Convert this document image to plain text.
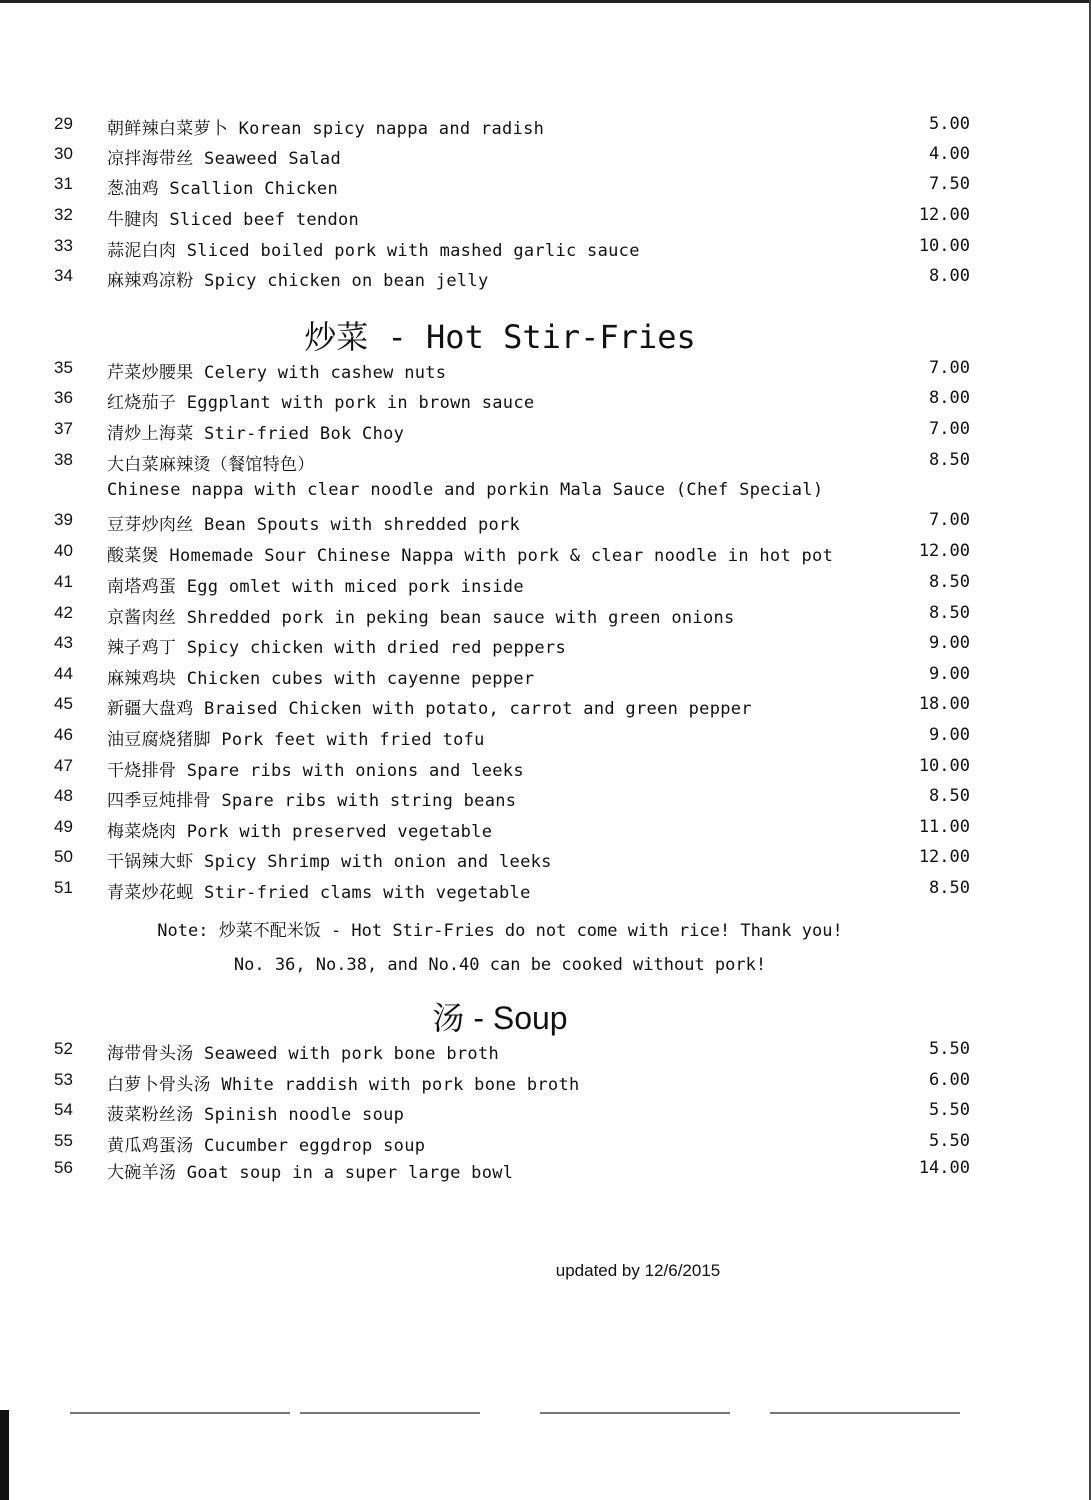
29 朝鲜辣白菜萝卜 Korean spicy nappa and radish	5.00
30 凉拌海带丝 Seaweed Salad	4.00
31 葱油鸡 Scallion Chicken	7.50
32 牛腱肉 Sliced beef tendon	12.00
33 蒜泥白肉 Sliced boiled pork with mashed garlic sauce	10.00
34 麻辣鸡凉粉 Spicy chicken on bean jelly	8.00
炒菜 - Hot Stir-Fries
35 芹菜炒腰果 Celery with cashew nuts	7.00
36 红烧茄子 Eggplant with pork in brown sauce	8.00
37 清炒上海菜 Stir-fried Bok Choy	7.00
38 大白菜麻辣烫（餐馆特色）	8.50
Chinese nappa with clear noodle and porkin Mala Sauce (Chef Special)
39 豆芽炒肉丝 Bean Spouts with shredded pork	7.00
40 酸菜煲 Homemade Sour Chinese Nappa with pork & clear noodle in hot pot	12.00
41 南塔鸡蛋 Egg omlet with miced pork inside	8.50
42 京酱肉丝 Shredded pork in peking bean sauce with green onions	8.50
43 辣子鸡丁 Spicy chicken with dried red peppers	9.00
44 麻辣鸡块 Chicken cubes with cayenne pepper	9.00
45 新疆大盘鸡 Braised Chicken with potato, carrot and green pepper	18.00
46 油豆腐烧猪脚 Pork feet with fried tofu	9.00
47 干烧排骨 Spare ribs with onions and leeks	10.00
48 四季豆炖排骨 Spare ribs with string beans	8.50
49 梅菜烧肉 Pork with preserved vegetable	11.00
50 干锅辣大虾 Spicy Shrimp with onion and leeks	12.00
51 青菜炒花蚬 Stir-fried clams with vegetable	8.50
Note: 炒菜不配米饭 - Hot Stir-Fries do not come with rice! Thank you!
No. 36, No.38, and No.40 can be cooked without pork!
汤 - Soup
52 海带骨头汤 Seaweed with pork bone broth	5.50
53 白萝卜骨头汤 White raddish with pork bone broth	6.00
54 菠菜粉丝汤 Spinish noodle soup	5.50
55 黄瓜鸡蛋汤 Cucumber eggdrop soup	5.50
56 大碗羊汤 Goat soup in a super large bowl	14.00
updated by 12/6/2015
